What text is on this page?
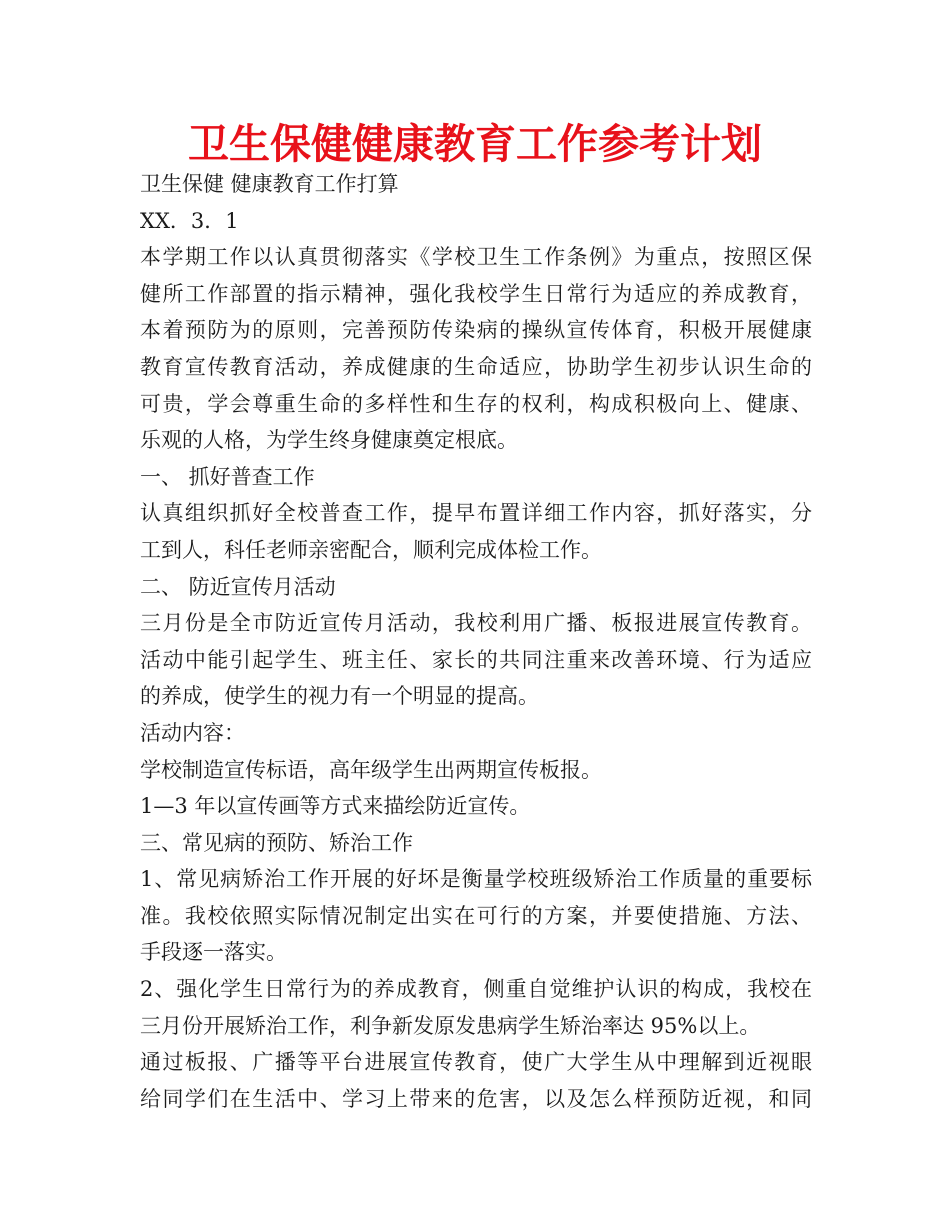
卫生保健健康教育工作参考计划
卫生保健 健康教育工作打算
XX．3．1
本学期工作以认真贯彻落实《学校卫生工作条例》为重点，按照区保
健所工作部置的指示精神，强化我校学生日常行为适应的养成教育，
本着预防为的原则，完善预防传染病的操纵宣传体育，积极开展健康
教育宣传教育活动，养成健康的生命适应，协助学生初步认识生命的
可贵，学会尊重生命的多样性和生存的权利，构成积极向上、健康、
乐观的人格，为学生终身健康奠定根底。
一、 抓好普查工作
认真组织抓好全校普查工作，提早布置详细工作内容，抓好落实，分
工到人，科任老师亲密配合，顺利完成体检工作。
二、 防近宣传月活动
三月份是全市防近宣传月活动，我校利用广播、板报进展宣传教育。
活动中能引起学生、班主任、家长的共同注重来改善环境、行为适应
的养成，使学生的视力有一个明显的提高。
活动内容：
学校制造宣传标语，高年级学生出两期宣传板报。
1—3 年以宣传画等方式来描绘防近宣传。
三、常见病的预防、矫治工作
1、常见病矫治工作开展的好坏是衡量学校班级矫治工作质量的重要标
准。我校依照实际情况制定出实在可行的方案，并要使措施、方法、
手段逐一落实。
2、强化学生日常行为的养成教育，侧重自觉维护认识的构成，我校在
三月份开展矫治工作，利争新发原发患病学生矫治率达 95%以上。
通过板报、广播等平台进展宣传教育，使广大学生从中理解到近视眼
给同学们在生活中、学习上带来的危害，以及怎么样预防近视，和同
